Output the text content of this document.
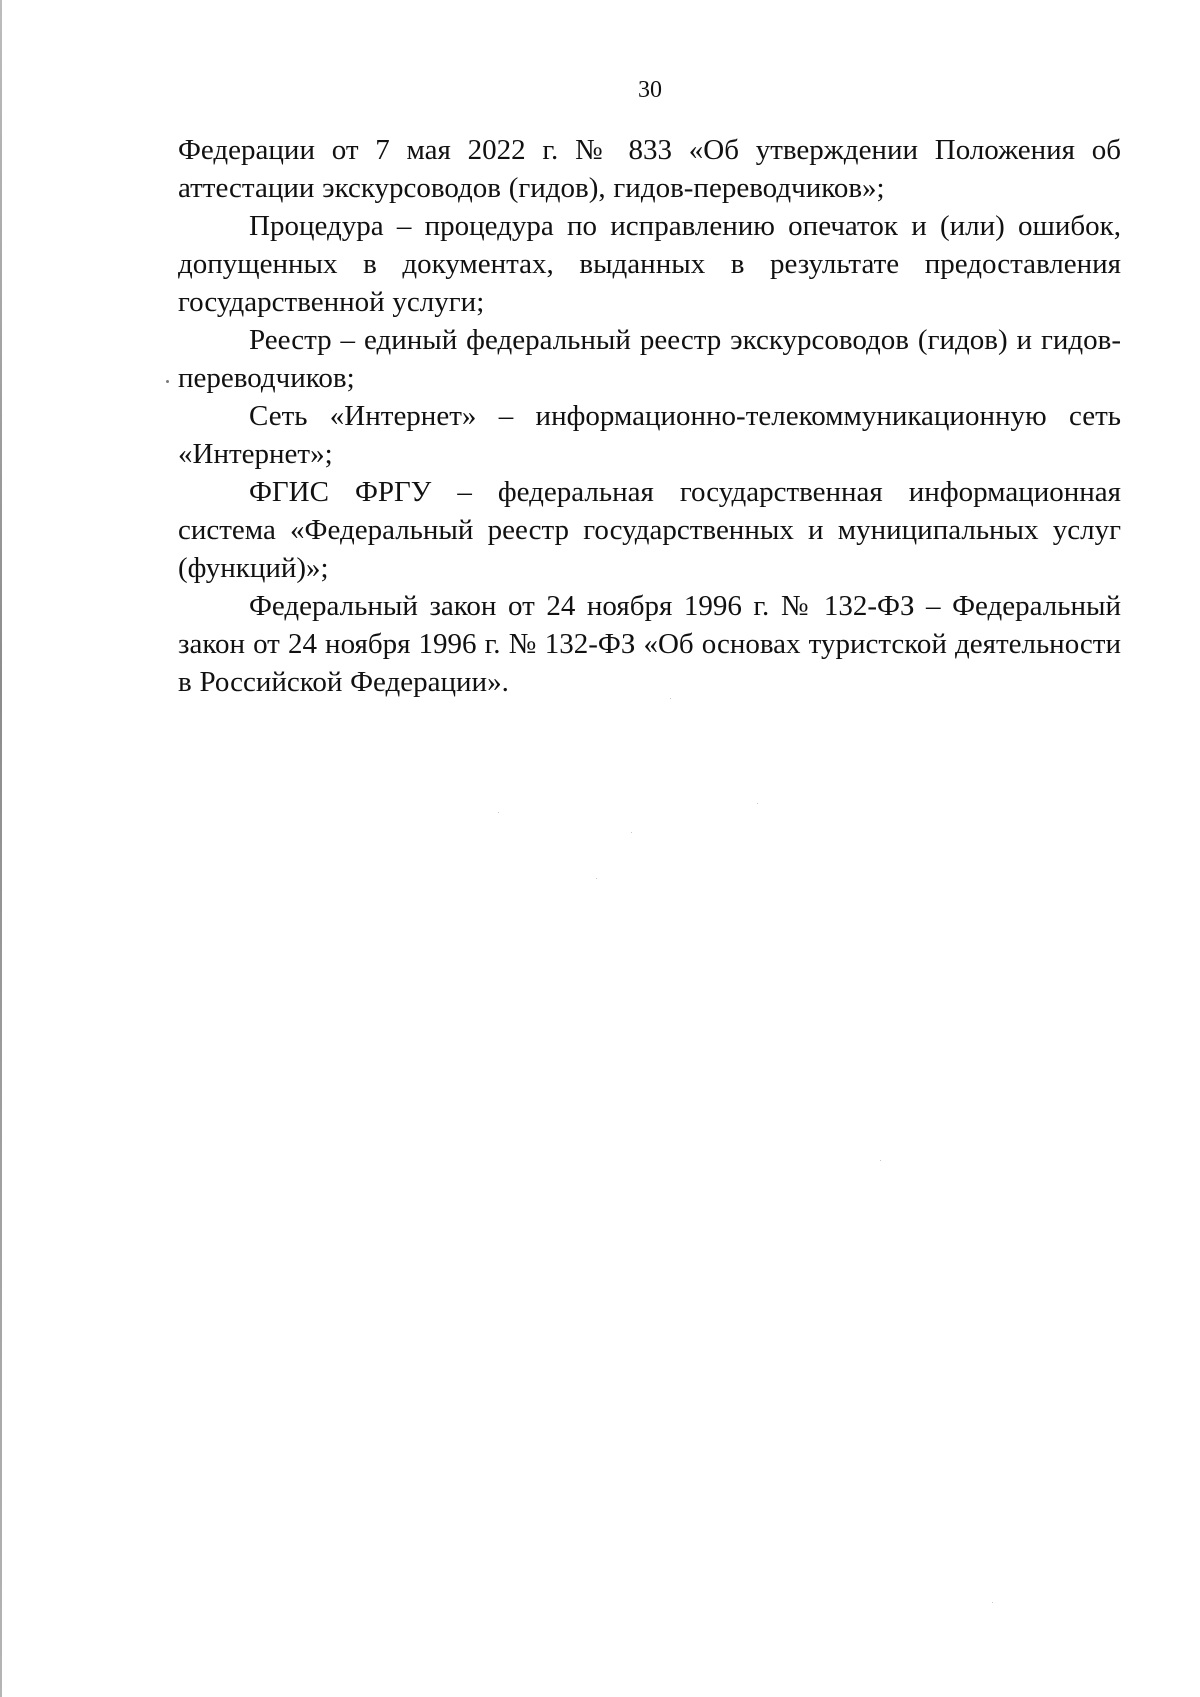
30

Федерации от 7 мая 2022 г. № 833 «Об утверждении Положения об аттестации экскурсоводов (гидов), гидов-переводчиков»;

Процедура – процедура по исправлению опечаток и (или) ошибок, допущенных в документах, выданных в результате предоставления государственной услуги;

Реестр – единый федеральный реестр экскурсоводов (гидов) и гидов-переводчиков;

Сеть «Интернет» – информационно-телекоммуникационную сеть «Интернет»;

ФГИС ФРГУ – федеральная государственная информационная система «Федеральный реестр государственных и муниципальных услуг (функций)»;

Федеральный закон от 24 ноября 1996 г. № 132-ФЗ – Федеральный закон от 24 ноября 1996 г. № 132-ФЗ «Об основах туристской деятельности в Российской Федерации».
